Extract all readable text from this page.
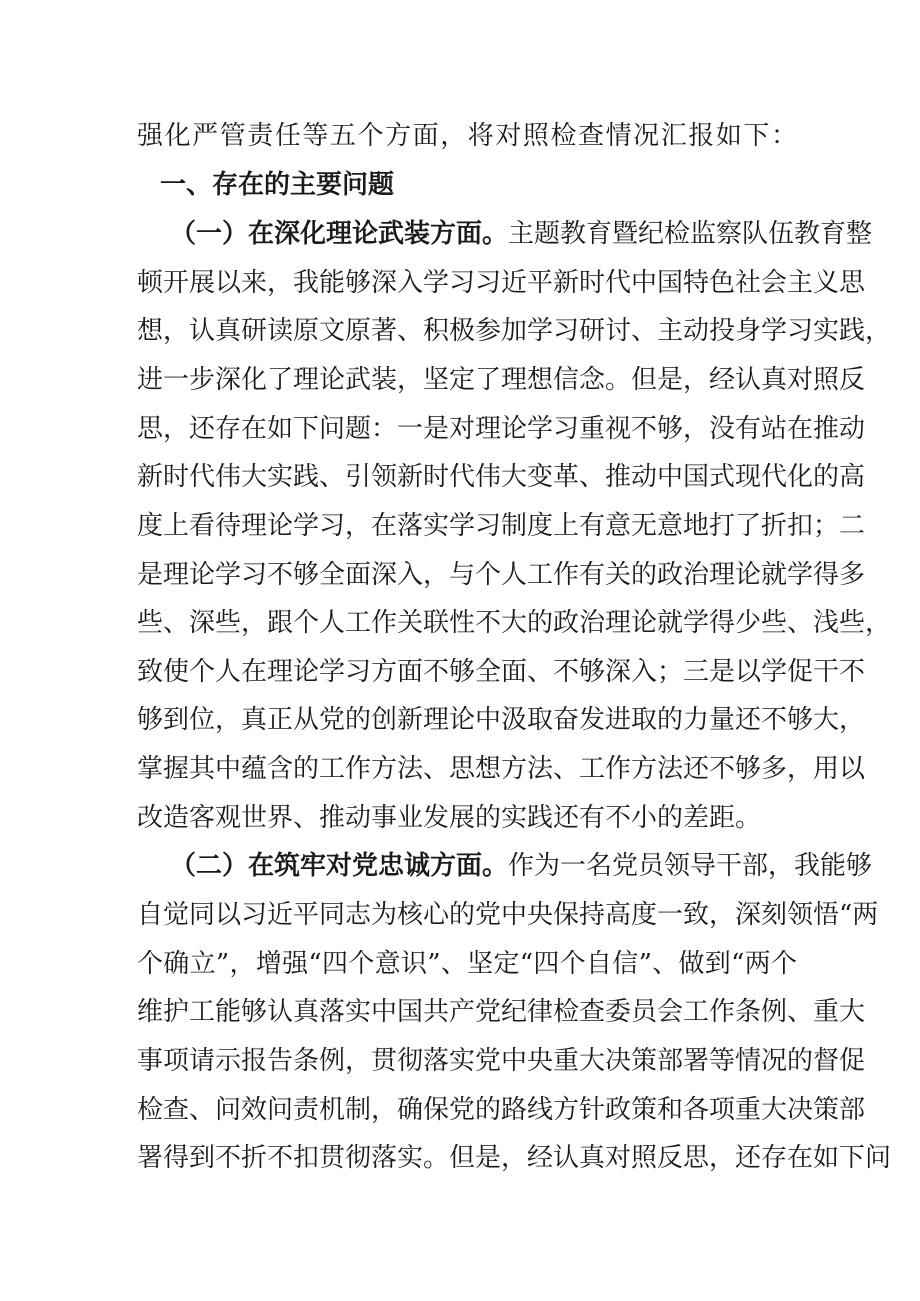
强化严管责任等五个方面，将对照检查情况汇报如下：
一、存在的主要问题
（一）在深化理论武装方面。主题教育暨纪检监察队伍教育整
顿开展以来，我能够深入学习习近平新时代中国特色社会主义思
想，认真研读原文原著、积极参加学习研讨、主动投身学习实践，
进一步深化了理论武装，坚定了理想信念。但是，经认真对照反
思，还存在如下问题：一是对理论学习重视不够，没有站在推动
新时代伟大实践、引领新时代伟大变革、推动中国式现代化的高
度上看待理论学习，在落实学习制度上有意无意地打了折扣；二
是理论学习不够全面深入，与个人工作有关的政治理论就学得多
些、深些，跟个人工作关联性不大的政治理论就学得少些、浅些，
致使个人在理论学习方面不够全面、不够深入；三是以学促干不
够到位，真正从党的创新理论中汲取奋发进取的力量还不够大，
掌握其中蕴含的工作方法、思想方法、工作方法还不够多，用以
改造客观世界、推动事业发展的实践还有不小的差距。
（二）在筑牢对党忠诚方面。作为一名党员领导干部，我能够
自觉同以习近平同志为核心的党中央保持高度一致，深刻领悟“两
个确立”，增强“四个意识”、坚定“四个自信”、做到“两个
维护工能够认真落实中国共产党纪律检查委员会工作条例、重大
事项请示报告条例，贯彻落实党中央重大决策部署等情况的督促
检查、问效问责机制，确保党的路线方针政策和各项重大决策部
署得到不折不扣贯彻落实。但是，经认真对照反思，还存在如下问
